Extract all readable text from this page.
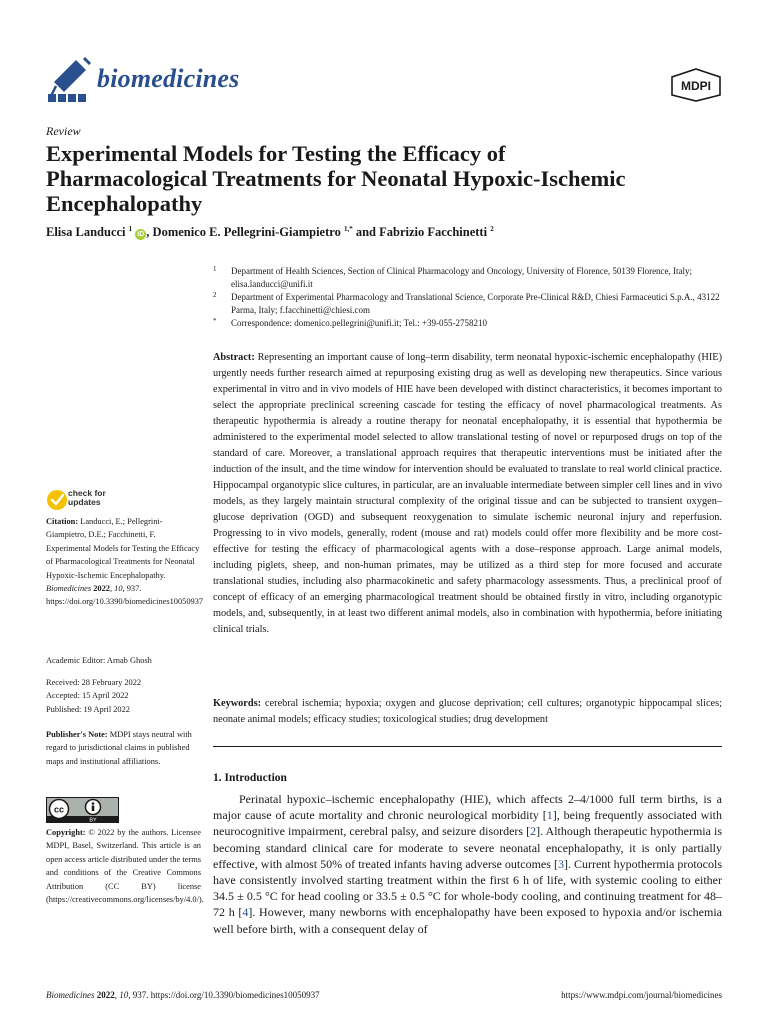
biomedicines	MDPI
Review
Experimental Models for Testing the Efficacy of Pharmacological Treatments for Neonatal Hypoxic-Ischemic Encephalopathy
Elisa Landucci $^1$ iD , Domenico E. Pellegrini-Giampietro $^{1,*}$ and Fabrizio Facchinetti $^2$
1 Department of Health Sciences, Section of Clinical Pharmacology and Oncology, University of Florence, 50139 Florence, Italy; elisa.landucci@unifi.it
2 Department of Experimental Pharmacology and Translational Science, Corporate Pre-Clinical R&D, Chiesi Farmaceutici S.p.A., 43122 Parma, Italy; f.facchinetti@chiesi.com
* Correspondence: domenico.pellegrini@unifi.it; Tel.: +39-055-2758210
Abstract: Representing an important cause of long–term disability, term neonatal hypoxic-ischemic encephalopathy (HIE) urgently needs further research aimed at repurposing existing drug as well as developing new therapeutics. Since various experimental in vitro and in vivo models of HIE have been developed with distinct characteristics, it becomes important to select the appropriate preclinical screening cascade for testing the efficacy of novel pharmacological treatments. As therapeutic hypothermia is already a routine therapy for neonatal encephalopathy, it is essential that hypothermia be administered to the experimental model selected to allow translational testing of novel or repurposed drugs on top of the standard of care. Moreover, a translational approach requires that therapeutic interventions must be initiated after the induction of the insult, and the time window for intervention should be evaluated to translate to real world clinical practice. Hippocampal organotypic slice cultures, in particular, are an invaluable intermediate between simpler cell lines and in vivo models, as they largely maintain structural complexity of the original tissue and can be subjected to transient oxygen–glucose deprivation (OGD) and subsequent reoxygenation to simulate ischemic neuronal injury and reperfusion. Progressing to in vivo models, generally, rodent (mouse and rat) models could offer more flexibility and be more cost-effective for testing the efficacy of pharmacological agents with a dose–response approach. Large animal models, including piglets, sheep, and non-human primates, may be utilized as a third step for more focused and accurate translational studies, including also pharmacokinetic and safety pharmacology assessments. Thus, a preclinical proof of concept of efficacy of an emerging pharmacological treatment should be obtained firstly in vitro, including organotypic models, and, subsequently, in at least two different animal models, also in combination with hypothermia, before initiating clinical trials.
Keywords: cerebral ischemia; hypoxia; oxygen and glucose deprivation; cell cultures; organotypic hippocampal slices; neonate animal models; efficacy studies; toxicological studies; drug development
1. Introduction
Perinatal hypoxic–ischemic encephalopathy (HIE), which affects 2–4/1000 full term births, is a major cause of acute mortality and chronic neurological morbidity [1], being frequently associated with neurocognitive impairment, cerebral palsy, and seizure disorders [2]. Although therapeutic hypothermia is becoming standard clinical care for moderate to severe neonatal encephalopathy, it is only partially effective, with almost 50% of treated infants having adverse outcomes [3]. Current hypothermia protocols have consistently involved starting treatment within the first 6 h of life, with systemic cooling to either 34.5 ± 0.5 °C for head cooling or 33.5 ± 0.5 °C for whole-body cooling, and continuing treatment for 48–72 h [4]. However, many newborns with encephalopathy have been exposed to hypoxia and/or ischemia well before birth, with a consequent delay of
check for
updates
Citation: Landucci, E.; Pellegrini-Giampietro, D.E.; Facchinetti, F. Experimental Models for Testing the Efficacy of Pharmacological Treatments for Neonatal Hypoxic-Ischemic Encephalopathy. Biomedicines 2022, 10, 937. https://doi.org/10.3390/biomedicines10050937
Academic Editor: Arnab Ghosh
Received: 28 February 2022
Accepted: 15 April 2022
Published: 19 April 2022
Publisher's Note: MDPI stays neutral with regard to jurisdictional claims in published maps and institutional affiliations.
cc
BY
Copyright: © 2022 by the authors. Licensee MDPI, Basel, Switzerland. This article is an open access article distributed under the terms and conditions of the Creative Commons Attribution (CC BY) license (https://creativecommons.org/licenses/by/4.0/).
Biomedicines 2022, 10, 937. https://doi.org/10.3390/biomedicines10050937	https://www.mdpi.com/journal/biomedicines
